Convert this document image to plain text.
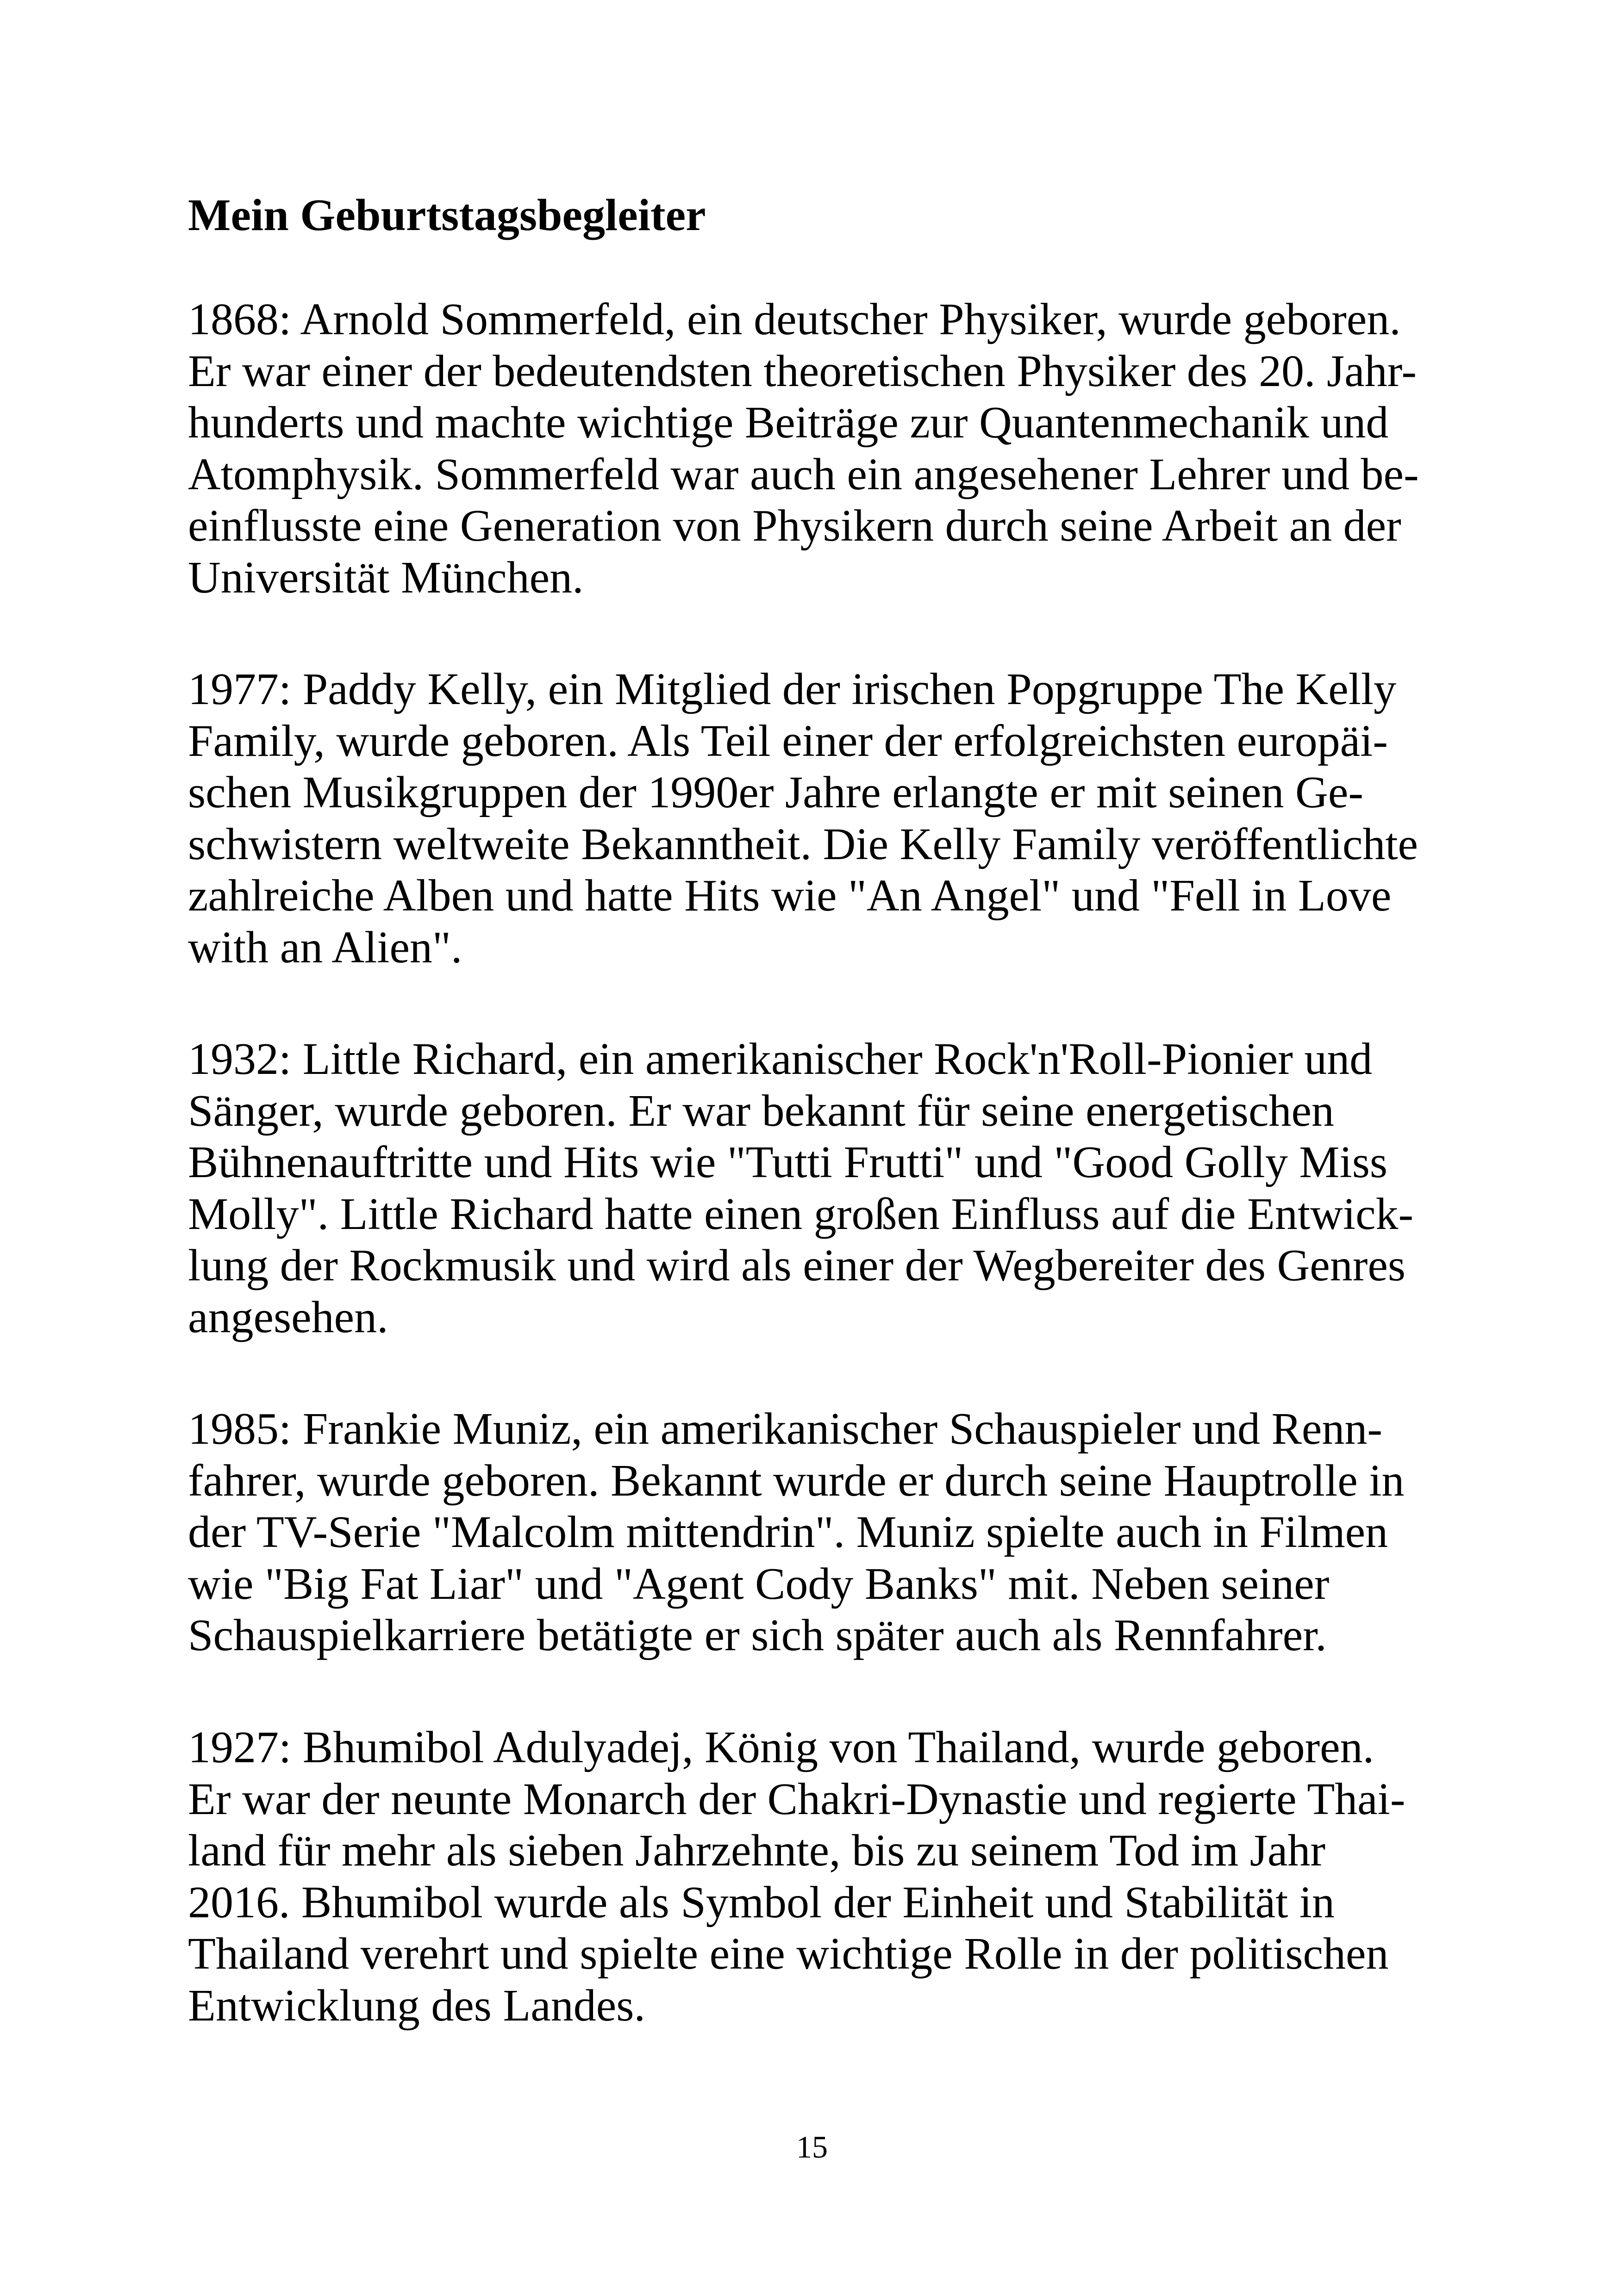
Mein Geburtstagsbegleiter

1868: Arnold Sommerfeld, ein deutscher Physiker, wurde geboren.
Er war einer der bedeutendsten theoretischen Physiker des 20. Jahr-
hunderts und machte wichtige Beiträge zur Quantenmechanik und
Atomphysik. Sommerfeld war auch ein angesehener Lehrer und be-
einflusste eine Generation von Physikern durch seine Arbeit an der
Universität München.

1977: Paddy Kelly, ein Mitglied der irischen Popgruppe The Kelly
Family, wurde geboren. Als Teil einer der erfolgreichsten europäi-
schen Musikgruppen der 1990er Jahre erlangte er mit seinen Ge-
schwistern weltweite Bekanntheit. Die Kelly Family veröffentlichte
zahlreiche Alben und hatte Hits wie "An Angel" und "Fell in Love
with an Alien".

1932: Little Richard, ein amerikanischer Rock'n'Roll-Pionier und
Sänger, wurde geboren. Er war bekannt für seine energetischen
Bühnenauftritte und Hits wie "Tutti Frutti" und "Good Golly Miss
Molly". Little Richard hatte einen großen Einfluss auf die Entwick-
lung der Rockmusik und wird als einer der Wegbereiter des Genres
angesehen.

1985: Frankie Muniz, ein amerikanischer Schauspieler und Renn-
fahrer, wurde geboren. Bekannt wurde er durch seine Hauptrolle in
der TV-Serie "Malcolm mittendrin". Muniz spielte auch in Filmen
wie "Big Fat Liar" und "Agent Cody Banks" mit. Neben seiner
Schauspielkarriere betätigte er sich später auch als Rennfahrer.

1927: Bhumibol Adulyadej, König von Thailand, wurde geboren.
Er war der neunte Monarch der Chakri-Dynastie und regierte Thai-
land für mehr als sieben Jahrzehnte, bis zu seinem Tod im Jahr
2016. Bhumibol wurde als Symbol der Einheit und Stabilität in
Thailand verehrt und spielte eine wichtige Rolle in der politischen
Entwicklung des Landes.

15
